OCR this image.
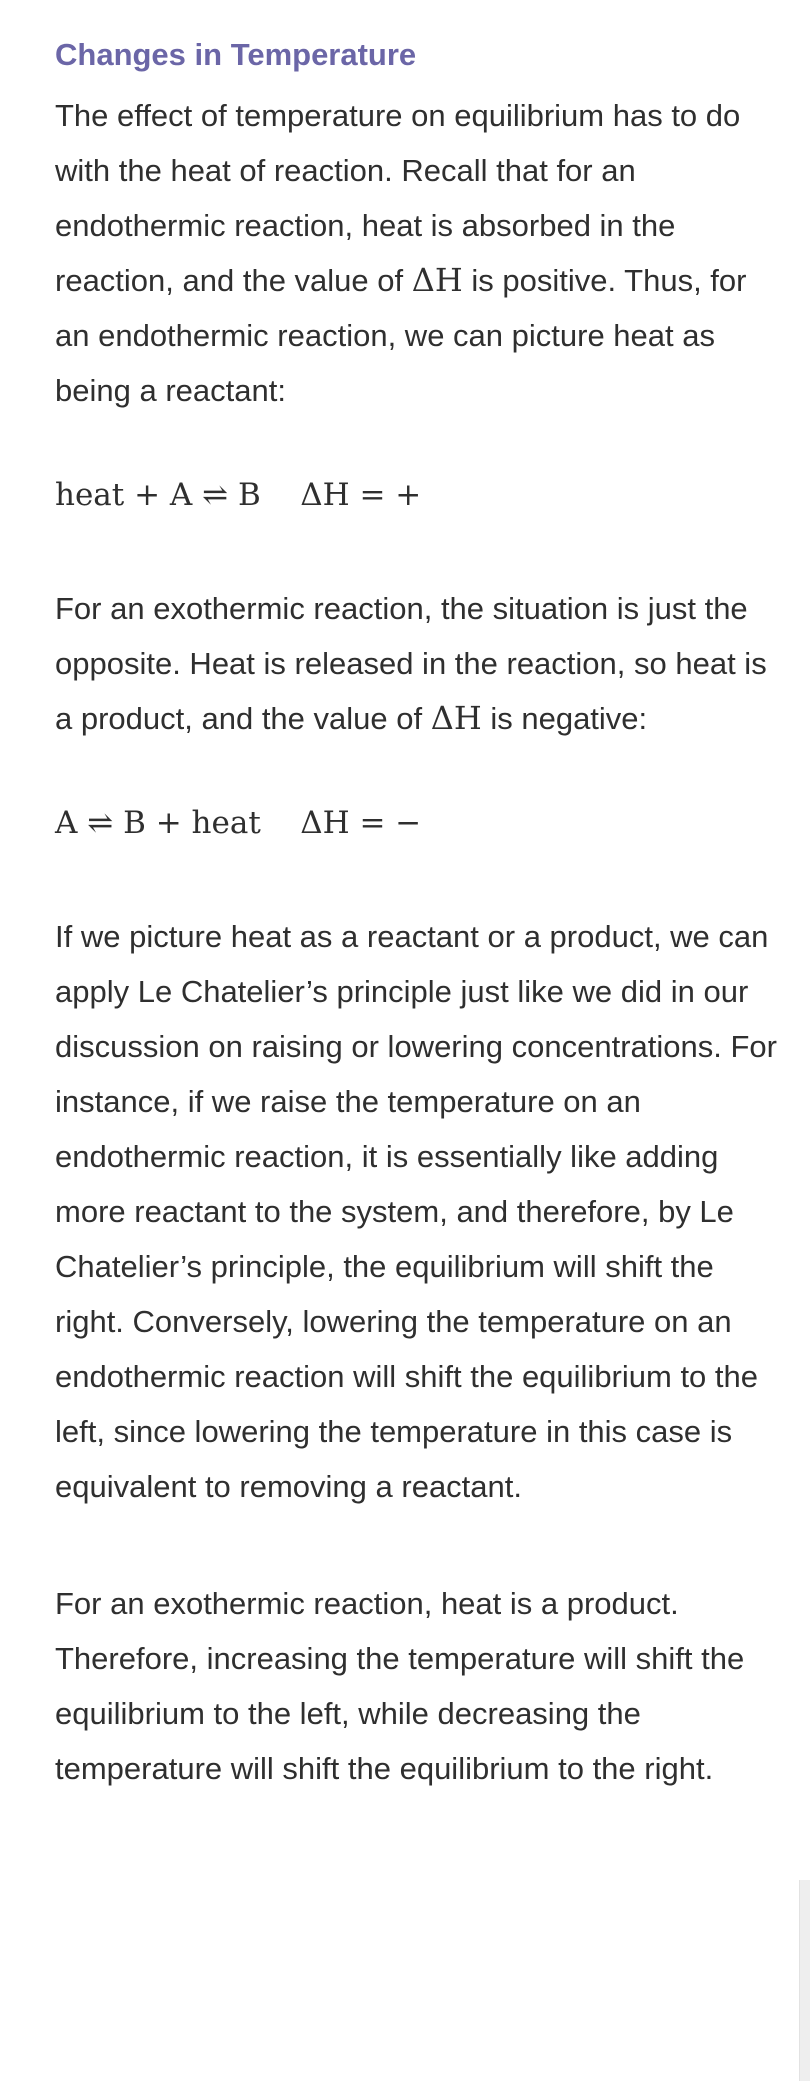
Changes in Temperature

The effect of temperature on equilibrium has to do with the heat of reaction. Recall that for an endothermic reaction, heat is absorbed in the reaction, and the value of ΔH is positive. Thus, for an endothermic reaction, we can picture heat as being a reactant:

heat + A ⇌ B    ΔH = +

For an exothermic reaction, the situation is just the opposite. Heat is released in the reaction, so heat is a product, and the value of ΔH is negative:

A ⇌ B + heat    ΔH = −

If we picture heat as a reactant or a product, we can apply Le Chatelier’s principle just like we did in our discussion on raising or lowering concentrations. For instance, if we raise the temperature on an endothermic reaction, it is essentially like adding more reactant to the system, and therefore, by Le Chatelier’s principle, the equilibrium will shift the right. Conversely, lowering the temperature on an endothermic reaction will shift the equilibrium to the left, since lowering the temperature in this case is equivalent to removing a reactant.

For an exothermic reaction, heat is a product. Therefore, increasing the temperature will shift the equilibrium to the left, while decreasing the temperature will shift the equilibrium to the right.
